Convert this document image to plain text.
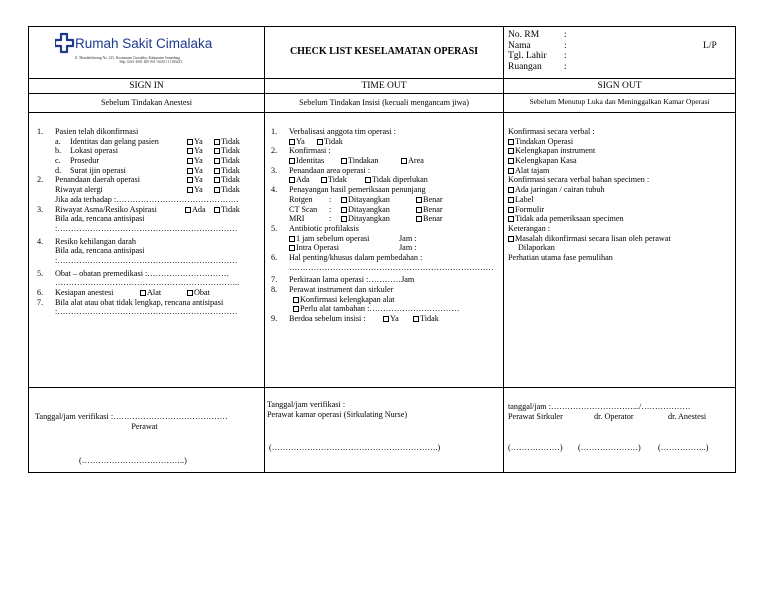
Rumah Sakit Cimalaka
Jl. Mandalaherang No. 225, Kecamatan Cimalaka, Kabupaten Sumedang
Telp. 0261-2001 400 WA +62811 11183423
CHECK LIST KESELAMATAN OPERASI
No. RM	:
Nama	:	L/P
Tgl. Lahir :
Ruangan :
SIGN IN	TIME OUT	SIGN OUT
Sebelum Tindakan Anestesi	Sebelum Tindakan Insisi (kecuali mengancam jiwa)	Sebelum Menutup Luka dan Meninggalkan Kamar Operasi
1. Pasien telah dikonfirmasi
a. Identitas dan gelang pasien	Ya	Tidak
b. Lokasi operasi	Ya	Tidak
c. Prosedur	Ya	Tidak
d. Surat ijin operasi	Ya	Tidak
2. Penandaan daerah operasi	Ya	Tidak
Riwayat alergi	Ya	Tidak
Jika ada terhadap :………………………………………
3. Riwayat Asma/Resiko Aspirasi	Ada	Tidak
Bila ada, rencana antisipasi
:…………………………………………………………
4. Resiko kehilangan darah
Bila ada, rencana antisipasi
:…………………………………………………………
5. Obat – obatan premedikasi :…………………………
…………………………………………………………..
6. Kesiapan anestesi	Alat	Obat
7. Bila alat atau obat tidak lengkap, rencana antisipasi
:…………………………………………………………
1. Verbalisasi anggota tim operasi :
Ya	Tidak
2. Konfirmasi :
Identitas	Tindakan	Area
3. Penandaan area operasi :
Ada	Tidak	Tidak diperlukan
4. Penayangan hasil pemeriksaan penunjang
Rotgen :	Ditayangkan	Benar
CT Scan :	Ditayangkan	Benar
MRI	:	Ditayangkan	Benar
5. Antibiotic profilaksis
1 jam sebelum operasi	Jam :
Intra Operasi	Jam :
6. Hal penting/khusus dalam pembedahan :
…………………………………………………………………
7. Perkiraan lama operasi :…………Jam
8. Perawat instrument dan sirkuler
Konfirmasi kelengkapan alat
Perlu alat tambahan :……………………………
9. Berdoa sebelum insisi :	Ya	Tidak
Konfirmasi secara verbal :
Tindakan Operasi
Kelengkapan instrument
Kelengkapan Kasa
Alat tajam
Konfirmasi secara verbal bahan specimen :
Ada jaringan / cairan tubuh
Label
Formulir
Tidak ada pemeriksaan specimen
Keterangan :
Masalah dikonfirmasi secara lisan oleh perawat
Dilaporkan
Perhatian utama fase pemulihan
Tanggal/jam verifikasi :……………………………………
Perawat
(………………………………..)
Tanggal/jam verifikasi :
Perawat kamar operasi (Sirkulating Nurse)
(…………………………………………………….)
tanggal/jam :………………………….../………………
Perawat Sirkuler	dr. Operator	dr. Anestesi
(………………) (…………………) (……………..)
